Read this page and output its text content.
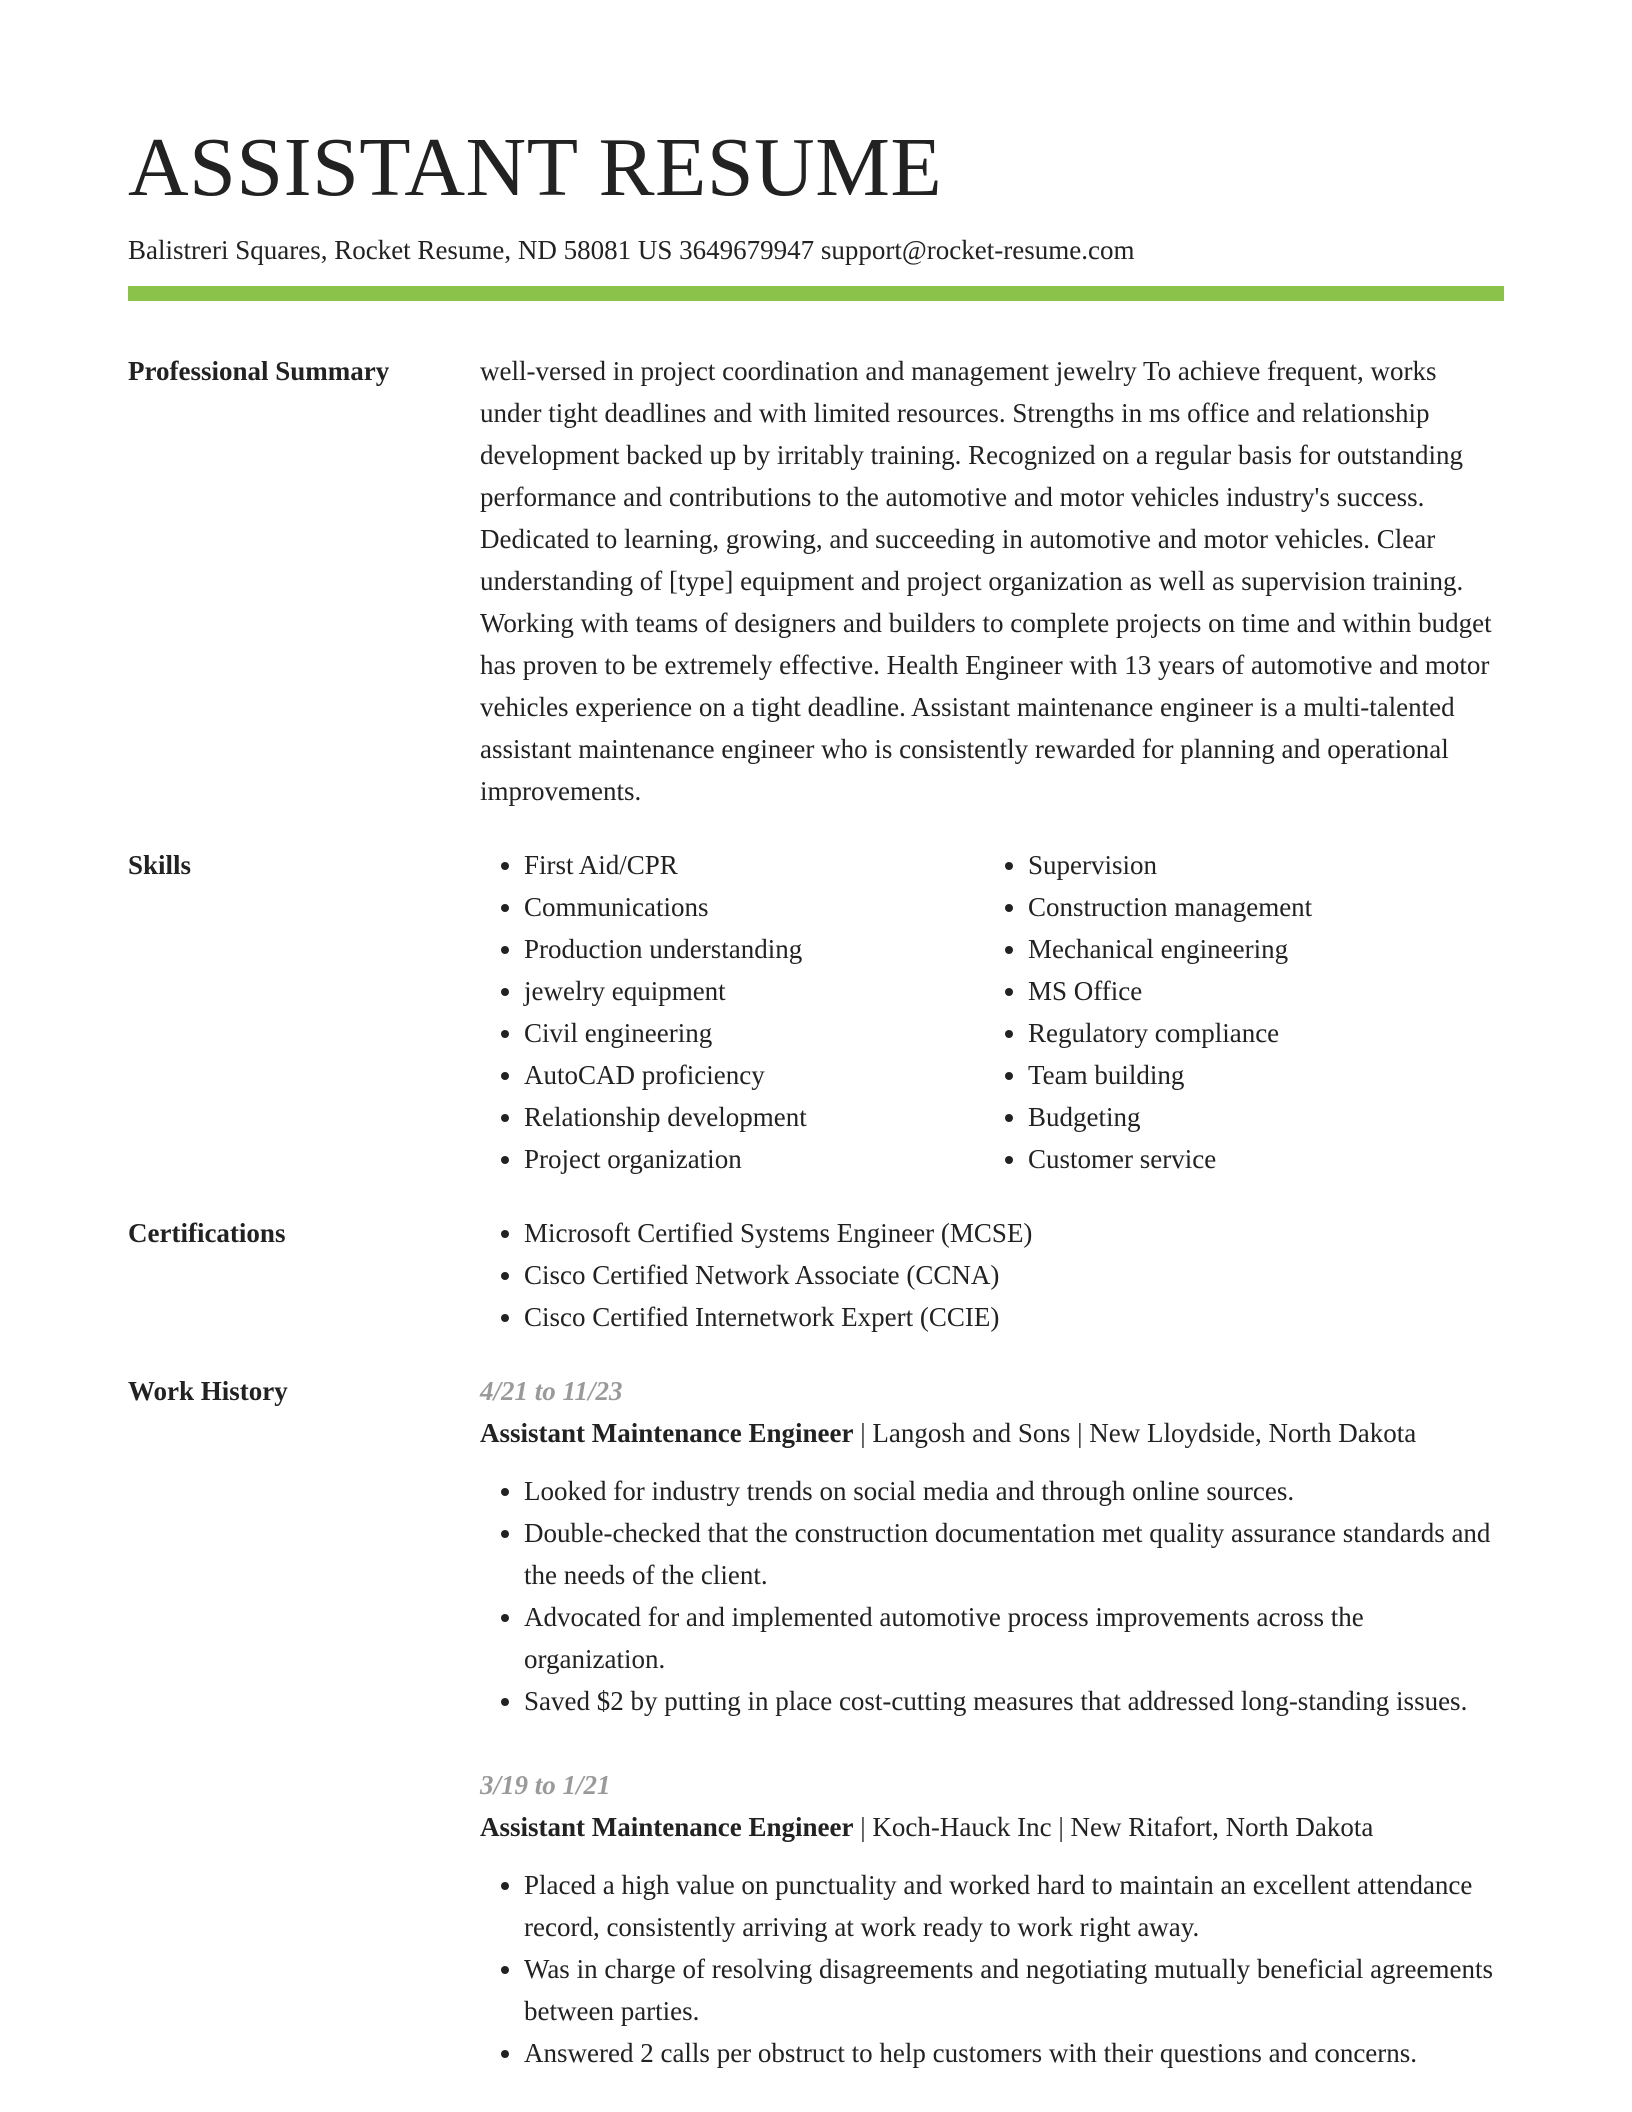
ASSISTANT RESUME
Balistreri Squares, Rocket Resume, ND 58081 US 3649679947 support@rocket-resume.com
Professional Summary	well-versed in project coordination and management jewelry To achieve frequent, works under tight deadlines and with limited resources. Strengths in ms office and relationship development backed up by irritably training. Recognized on a regular basis for outstanding performance and contributions to the automotive and motor vehicles industry's success. Dedicated to learning, growing, and succeeding in automotive and motor vehicles. Clear understanding of [type] equipment and project organization as well as supervision training. Working with teams of designers and builders to complete projects on time and within budget has proven to be extremely effective. Health Engineer with 13 years of automotive and motor vehicles experience on a tight deadline. Assistant maintenance engineer is a multi-talented assistant maintenance engineer who is consistently rewarded for planning and operational improvements.

Skills	• First Aid/CPR
• Communications
• Production understanding
• jewelry equipment
• Civil engineering
• AutoCAD proficiency
• Relationship development
• Project organization
• Supervision
• Construction management
• Mechanical engineering
• MS Office
• Regulatory compliance
• Team building
• Budgeting
• Customer service
Certifications	• Microsoft Certified Systems Engineer (MCSE)
• Cisco Certified Network Associate (CCNA)
• Cisco Certified Internetwork Expert (CCIE)
Work History	4/21 to 11/23
Assistant Maintenance Engineer | Langosh and Sons | New Lloydside, North Dakota
• Looked for industry trends on social media and through online sources.
• Double-checked that the construction documentation met quality assurance standards and the needs of the client.
• Advocated for and implemented automotive process improvements across the organization.
• Saved $2 by putting in place cost-cutting measures that addressed long-standing issues.
3/19 to 1/21
Assistant Maintenance Engineer | Koch-Hauck Inc | New Ritafort, North Dakota
• Placed a high value on punctuality and worked hard to maintain an excellent attendance record, consistently arriving at work ready to work right away.
• Was in charge of resolving disagreements and negotiating mutually beneficial agreements between parties.
• Answered 2 calls per obstruct to help customers with their questions and concerns.
